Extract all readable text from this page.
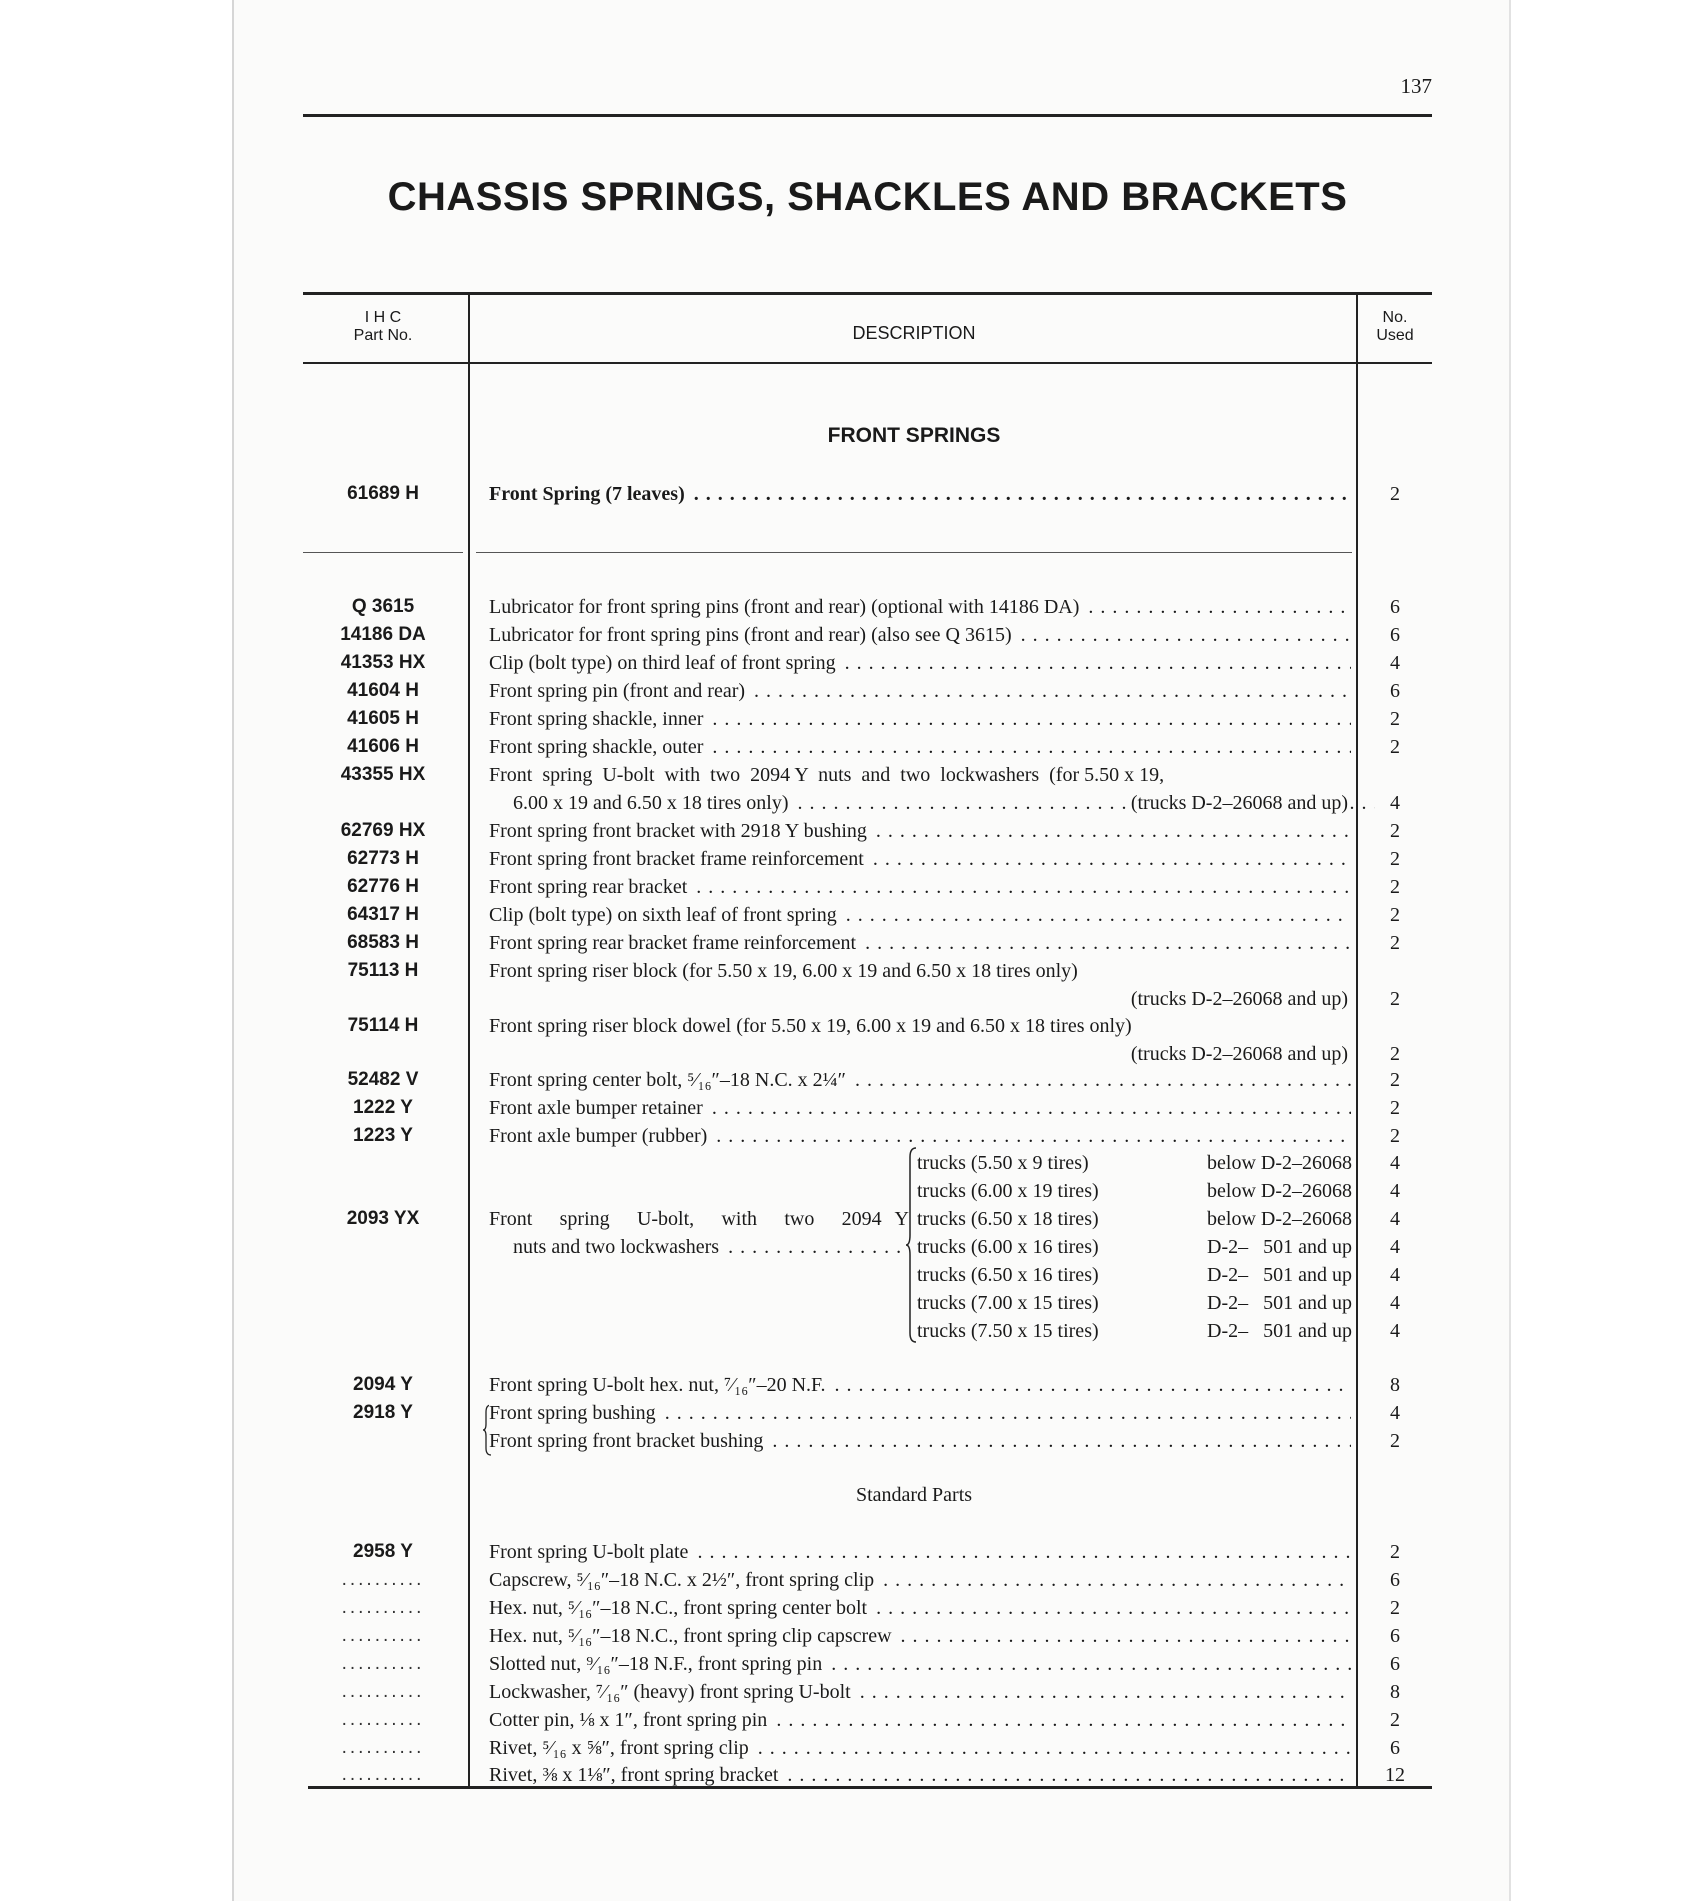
137
CHASSIS SPRINGS, SHACKLES AND BRACKETS
I H C
Part No.	DESCRIPTION
No.
Used
FRONT SPRINGS
61689 H	Front Spring (7 leaves) . . .	2
Q 3615	Lubricator for front spring pins (front and rear) (optional with 14186 DA) . . .	6
14186 DA	Lubricator for front spring pins (front and rear) (also see Q 3615) . . .	6
41353 HX	Clip (bolt type) on third leaf of front spring . . .	4
41604 H	Front spring pin (front and rear) . . .	6
41605 H	Front spring shackle, inner . . .	2
41606 H	Front spring shackle, outer . . .	2
43355 HX	Front  spring  U-bolt  with  two  2094 Y  nuts  and  two  lockwashers  (for 5.50 x 19,
6.00 x 19 and 6.50 x 18 tires only) . . .	(trucks D-2–26068 and up)	4
62769 HX	Front spring front bracket with 2918 Y bushing . . .	2
62773 H	Front spring front bracket frame reinforcement . . .	2
62776 H	Front spring rear bracket . . .	2
64317 H	Clip (bolt type) on sixth leaf of front spring . . .	2
68583 H	Front spring rear bracket frame reinforcement . . .	2
75113 H	Front spring riser block (for 5.50 x 19, 6.00 x 19 and 6.50 x 18 tires only)
(trucks D-2–26068 and up)	2
75114 H	Front spring riser block dowel (for 5.50 x 19, 6.00 x 19 and 6.50 x 18 tires only)
(trucks D-2–26068 and up)	2
52482 V	Front spring center bolt, ⁵⁄₁₆″–18 N.C. x 2¼″ . . .	2
1222 Y	Front axle bumper retainer . . .	2
1223 Y	Front axle bumper (rubber) . . .	2
2093 YX	Front  spring  U-bolt,  with  two  2094 Y
nuts and two lockwashers . . .
trucks (5.50 x 9 tires)	below D-2–26068	4
trucks (6.00 x 19 tires)	below D-2–26068	4
trucks (6.50 x 18 tires)	below D-2–26068	4
trucks (6.00 x 16 tires)	D-2–   501 and up	4
trucks (6.50 x 16 tires)	D-2–   501 and up	4
trucks (7.00 x 15 tires)	D-2–   501 and up	4
trucks (7.50 x 15 tires)	D-2–   501 and up	4
2094 Y	Front spring U-bolt hex. nut, ⁷⁄₁₆″–20 N.F. . . .	8
2918 Y	Front spring bushing . . .	4
Front spring front bracket bushing . . .	2
Standard Parts
2958 Y	Front spring U-bolt plate . . .	2
..........	Capscrew, ⁵⁄₁₆″–18 N.C. x 2½″, front spring clip . . .	6
..........	Hex. nut, ⁵⁄₁₆″–18 N.C., front spring center bolt . . .	2
..........	Hex. nut, ⁵⁄₁₆″–18 N.C., front spring clip capscrew . . .	6
..........	Slotted nut, ⁹⁄₁₆″–18 N.F., front spring pin . . .	6
..........	Lockwasher, ⁷⁄₁₆″ (heavy) front spring U-bolt . . .	8
..........	Cotter pin, ⅛ x 1″, front spring pin . . .	2
..........	Rivet, ⁵⁄₁₆ x ⅝″, front spring clip . . .	6
..........	Rivet, ⅜ x 1⅛″, front spring bracket . . .	12
